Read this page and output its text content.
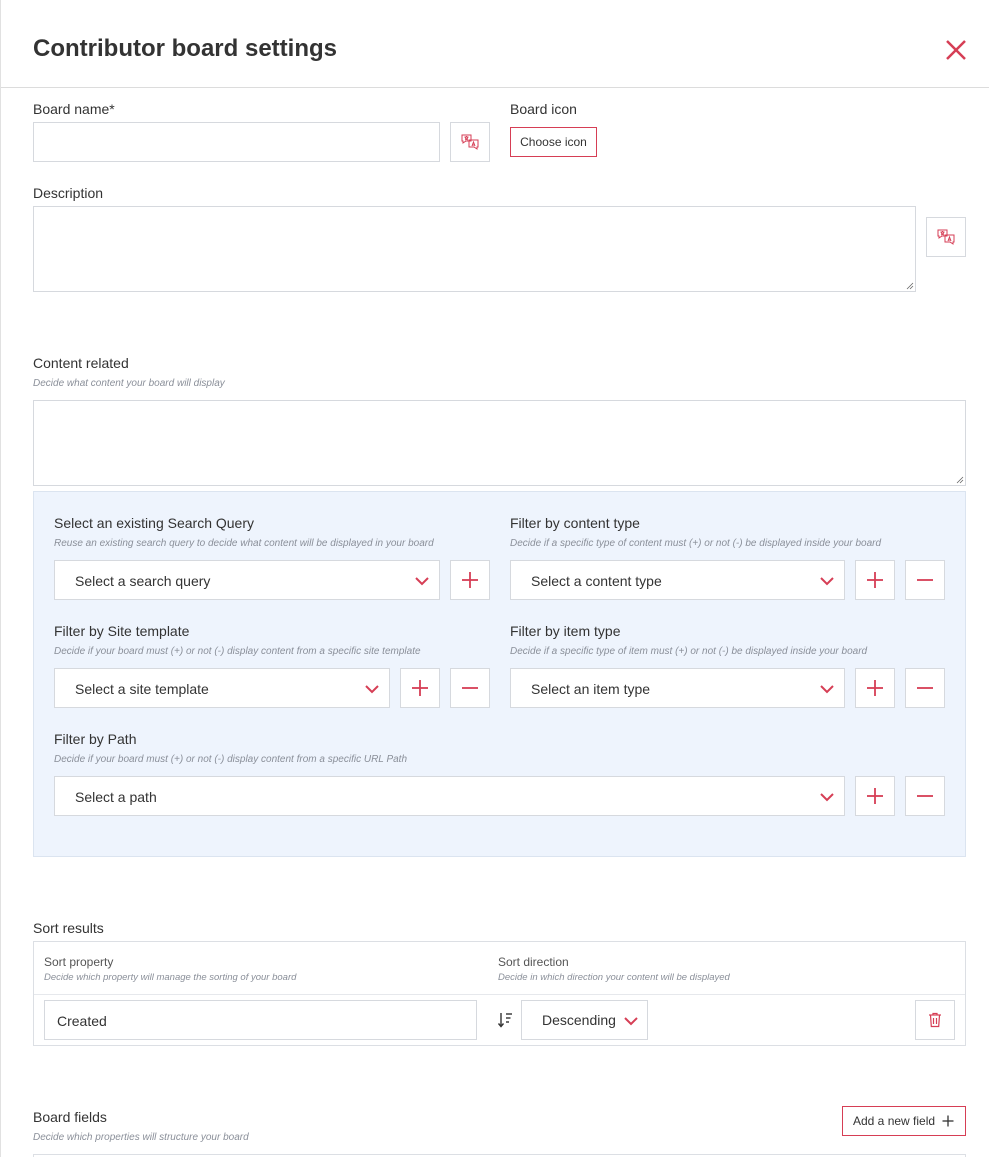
Contributor board settings
Board name*	Board icon
Choose icon
Description
Content related
Decide what content your board will display
Select an existing Search Query
Reuse an existing search query to decide what content will be displayed in your board
Select a search query
Filter by content type
Decide if a specific type of content must (+) or not (-) be displayed inside your board
Select a content type
Filter by Site template
Decide if your board must (+) or not (-) display content from a specific site template
Select a site template
Filter by item type
Decide if a specific type of item must (+) or not (-) be displayed inside your board
Select an item type
Filter by Path
Decide if your board must (+) or not (-) display content from a specific URL Path
Select a path
Sort results
Sort property
Decide which property will manage the sorting of your board
Sort direction
Decide in which direction your content will be displayed
Created	Descending
Board fields
Decide which properties will structure your board
Add a new field
